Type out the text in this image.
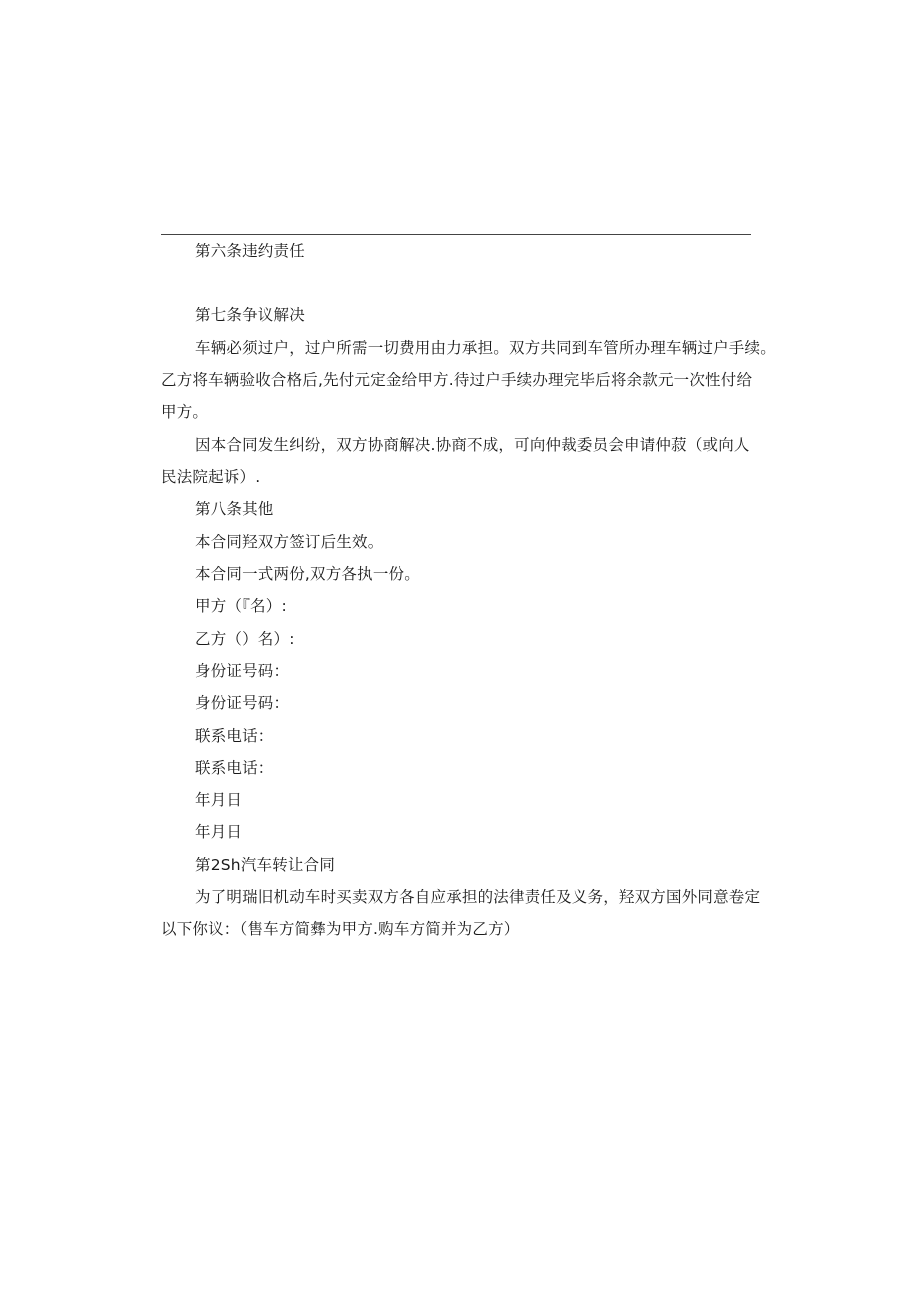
第六条违约责任
第七条争议解决
车辆必须过户，过户所需一切费用由力承担。双方共同到车管所办理车辆过户手续。
乙方将车辆验收合格后,先付元定金给甲方.待过户手续办理完毕后将余款元一次性付给
甲方。
因本合同发生纠纷，双方协商解决.协商不成，可向仲裁委员会申请仲菽（或向人
民法院起诉）.
第八条其他
本合同羟双方签订后生效。
本合同一式两份,双方各执一份。
甲方（『名）:
乙方（）名）:
身份证号码：
身份证号码：
联系电话：
联系电话：
年月日
年月日
第2Sh汽车转让合同
为了明瑞旧机动车时买卖双方各自应承担的法律责任及义务，羟双方国外同意卷定
以下你议：（售车方简彝为甲方.购车方简并为乙方）
